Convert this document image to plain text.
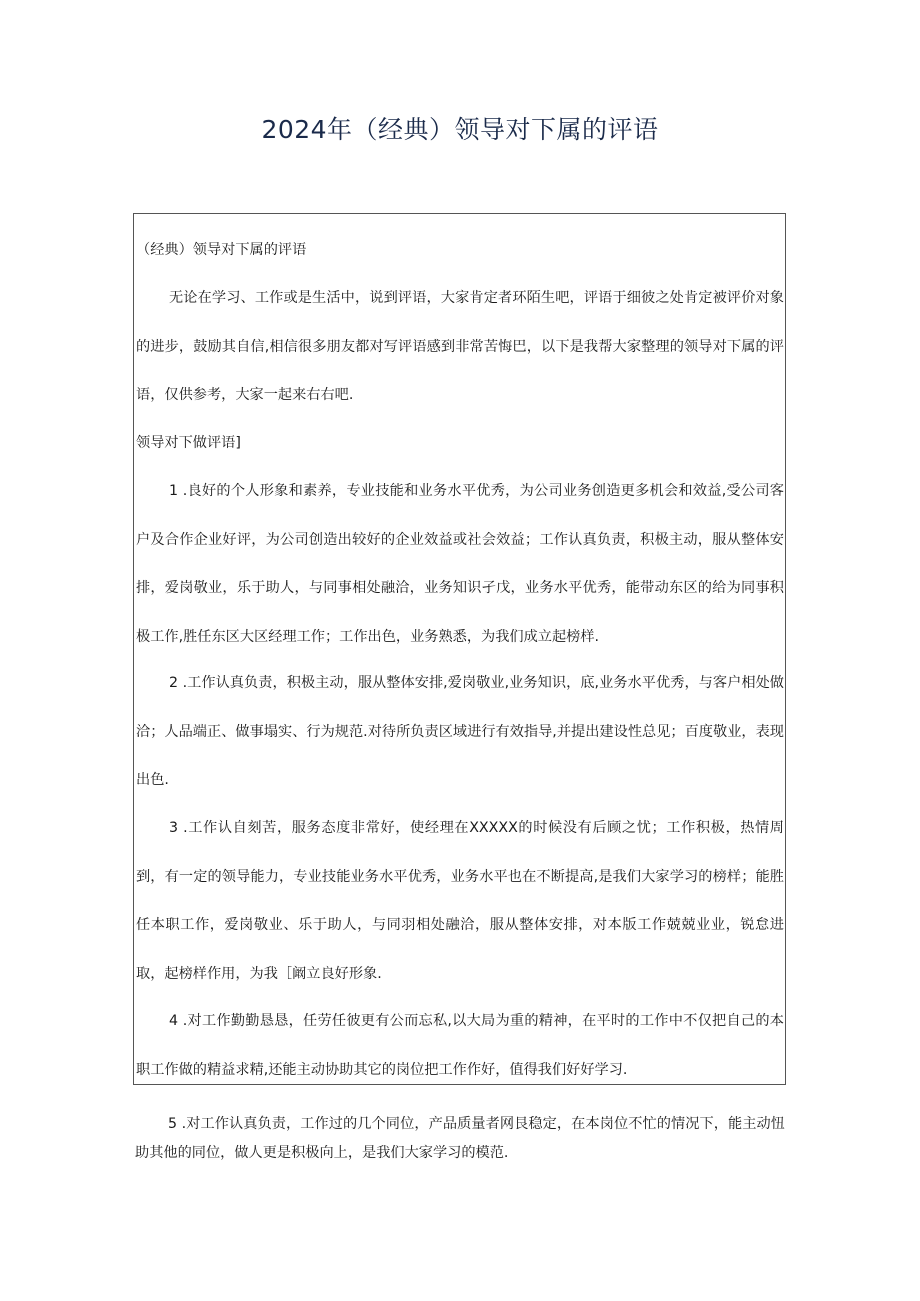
2024年（经典）领导对下属的评语

（经典）领导对下属的评语

无论在学习、工作或是生活中，说到评语，大家肯定者环陌生吧，评语于细彼之处肯定被评价对象的进步，鼓励其自信,相信很多朋友都对写评语感到非常苦悔巴，以下是我帮大家整理的领导对下属的评语，仅供参考，大家一起来右右吧.

领导对下做评语]

1 .良好的个人形象和素养，专业技能和业务水平优秀，为公司业务创造更多机会和效益,受公司客户及合作企业好评，为公司创造出较好的企业效益或社会效益；工作认真负责，积极主动，服从整体安排，爱岗敬业，乐于助人，与同事相处融洽，业务知识孑戊，业务水平优秀，能带动东区的给为同事积极工作,胜任东区大区经理工作；工作出色，业务熟悉，为我们成立起榜样.

2 .工作认真负责，积极主动，服从整体安排,爱岗敬业,业务知识，底,业务水平优秀，与客户相处做洽；人品端正、做事塌实、行为规范.对待所负责区域进行有效指导,并提出建设性总见；百度敬业，表现出色.

3 .工作认自刻苦，服务态度非常好，使经理在XXXXX的时候没有后顾之忧；工作积极，热情周到，有一定的领导能力，专业技能业务水平优秀，业务水平也在不断提高,是我们大家学习的榜样；能胜任本职工作，爱岗敬业、乐于助人，与同羽相处融洽，服从整体安排，对本版工作兢兢业业，锐怠进取，起榜样作用，为我［阚立良好形象.

4 .对工作勤勤恳恳，任劳任彼更有公而忘私,以大局为重的精神，在平时的工作中不仅把自己的本职工作做的精益求精,还能主动协助其它的岗位把工作作好，值得我们好好学习.

5 .对工作认真负责，工作过的几个同位，产品质量者网艮稳定，在本岗位不忙的情况下，能主动忸助其他的同位，做人更是积极向上，是我们大家学习的模范.
